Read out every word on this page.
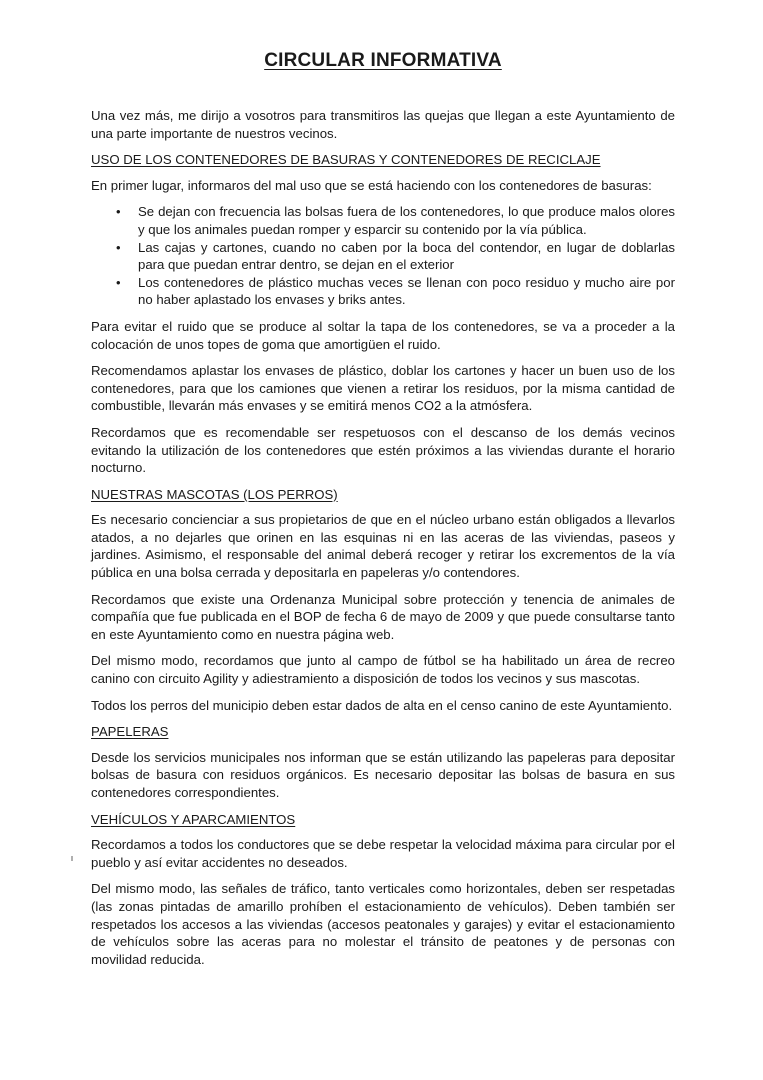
CIRCULAR INFORMATIVA

Una vez más, me dirijo a vosotros para transmitiros las quejas que llegan a este Ayuntamiento de una parte importante de nuestros vecinos.

USO DE LOS CONTENEDORES DE BASURAS Y CONTENEDORES DE RECICLAJE

En primer lugar, informaros del mal uso que se está haciendo con los contenedores de basuras:

• Se dejan con frecuencia las bolsas fuera de los contenedores, lo que produce malos olores y que los animales puedan romper y esparcir su contenido por la vía pública.
• Las cajas y cartones, cuando no caben por la boca del contendor, en lugar de doblarlas para que puedan entrar dentro, se dejan en el exterior
• Los contenedores de plástico muchas veces se llenan con poco residuo y mucho aire por no haber aplastado los envases y briks antes.

Para evitar el ruido que se produce al soltar la tapa de los contenedores, se va a proceder a la colocación de unos topes de goma que amortigüen el ruido.

Recomendamos aplastar los envases de plástico, doblar los cartones y hacer un buen uso de los contenedores, para que los camiones que vienen a retirar los residuos, por la misma cantidad de combustible, llevarán más envases y se emitirá menos CO2 a la atmósfera.

Recordamos que es recomendable ser respetuosos con el descanso de los demás vecinos evitando la utilización de los contenedores que estén próximos a las viviendas durante el horario nocturno.

NUESTRAS MASCOTAS (LOS PERROS)

Es necesario concienciar a sus propietarios de que en el núcleo urbano están obligados a llevarlos atados, a no dejarles que orinen en las esquinas ni en las aceras de las viviendas, paseos y jardines. Asimismo, el responsable del animal deberá recoger y retirar los excrementos de la vía pública en una bolsa cerrada y depositarla en papeleras y/o contendores.

Recordamos que existe una Ordenanza Municipal sobre protección y tenencia de animales de compañía que fue publicada en el BOP de fecha 6 de mayo de 2009 y que puede consultarse tanto en este Ayuntamiento como en nuestra página web.

Del mismo modo, recordamos que junto al campo de fútbol se ha habilitado un área de recreo canino con circuito Agility y adiestramiento a disposición de todos los vecinos y sus mascotas.

Todos los perros del municipio deben estar dados de alta en el censo canino de este Ayuntamiento.

PAPELERAS

Desde los servicios municipales nos informan que se están utilizando las papeleras para depositar bolsas de basura con residuos orgánicos. Es necesario depositar las bolsas de basura en sus contenedores correspondientes.

VEHÍCULOS Y APARCAMIENTOS

Recordamos a todos los conductores que se debe respetar la velocidad máxima para circular por el pueblo y así evitar accidentes no deseados.

Del mismo modo, las señales de tráfico, tanto verticales como horizontales, deben ser respetadas (las zonas pintadas de amarillo prohíben el estacionamiento de vehículos). Deben también ser respetados los accesos a las viviendas (accesos peatonales y garajes) y evitar el estacionamiento de vehículos sobre las aceras para no molestar el tránsito de peatones y de personas con movilidad reducida.
